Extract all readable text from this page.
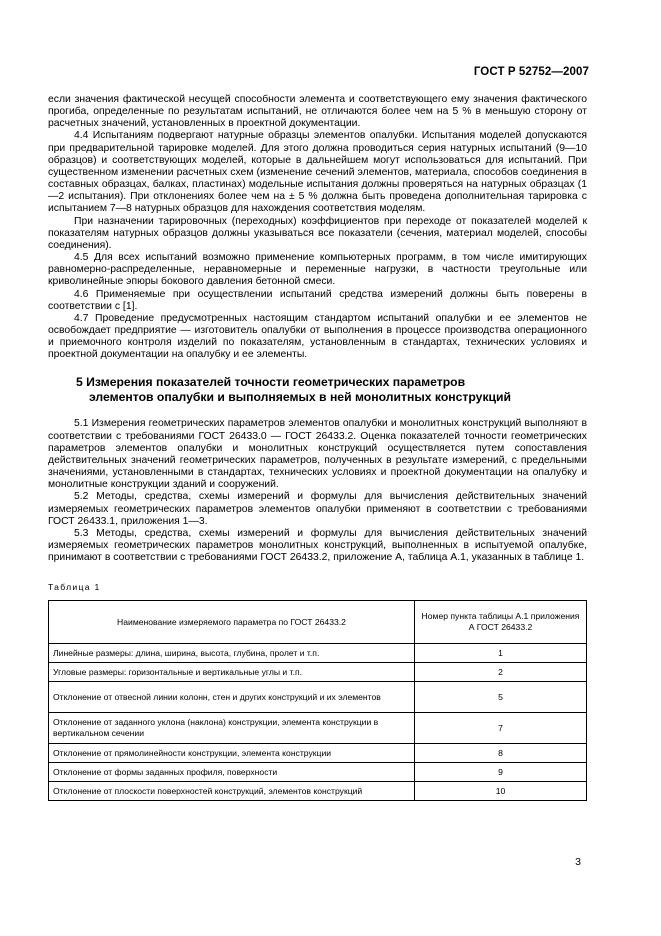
ГОСТ Р 52752—2007

если значения фактической несущей способности элемента и соответствующего ему значения фактического прогиба, определенные по результатам испытаний, не отличаются более чем на 5 % в меньшую сторону от расчетных значений, установленных в проектной документации.

4.4 Испытаниям подвергают натурные образцы элементов опалубки. Испытания моделей допускаются при предварительной тарировке моделей. Для этого должна проводиться серия натурных испытаний (9—10 образцов) и соответствующих моделей, которые в дальнейшем могут использоваться для испытаний. При существенном изменении расчетных схем (изменение сечений элементов, материала, способов соединения в составных образцах, балках, пластинах) модельные испытания должны проверяться на натурных образцах (1—2 испытания). При отклонениях более чем на ± 5 % должна быть проведена дополнительная тарировка с испытанием 7—8 натурных образцов для нахождения соответствия моделям.

При назначении тарировочных (переходных) коэффициентов при переходе от показателей моделей к показателям натурных образцов должны указываться все показатели (сечения, материал моделей, способы соединения).

4.5 Для всех испытаний возможно применение компьютерных программ, в том числе имитирующих равномерно-распределенные, неравномерные и переменные нагрузки, в частности треугольные или криволинейные эпюры бокового давления бетонной смеси.

4.6 Применяемые при осуществлении испытаний средства измерений должны быть поверены в соответствии с [1].

4.7 Проведение предусмотренных настоящим стандартом испытаний опалубки и ее элементов не освобождает предприятие — изготовитель опалубки от выполнения в процессе производства операционного и приемочного контроля изделий по показателям, установленным в стандартах, технических условиях и проектной документации на опалубку и ее элементы.

5 Измерения показателей точности геометрических параметров
элементов опалубки и выполняемых в ней монолитных конструкций

5.1 Измерения геометрических параметров элементов опалубки и монолитных конструкций выполняют в соответствии с требованиями ГОСТ 26433.0 — ГОСТ 26433.2. Оценка показателей точности геометрических параметров элементов опалубки и монолитных конструкций осуществляется путем сопоставления действительных значений геометрических параметров, полученных в результате измерений, с предельными значениями, установленными в стандартах, технических условиях и проектной документации на опалубку и монолитные конструкции зданий и сооружений.

5.2 Методы, средства, схемы измерений и формулы для вычисления действительных значений измеряемых геометрических параметров элементов опалубки применяют в соответствии с требованиями ГОСТ 26433.1, приложения 1—3.

5.3 Методы, средства, схемы измерений и формулы для вычисления действительных значений измеряемых геометрических параметров монолитных конструкций, выполненных в испытуемой опалубке, принимают в соответствии с требованиями ГОСТ 26433.2, приложение А, таблица А.1, указанных в таблице 1.

Таблица 1
Наименование измеряемого параметра по ГОСТ 26433.2	Номер пункта таблицы А.1 приложения А ГОСТ 26433.2
Линейные размеры: длина, ширина, высота, глубина, пролет и т.п.	1
Угловые размеры: горизонтальные и вертикальные углы и т.п.	2
Отклонение от отвесной линии колонн, стен и других конструкций и их элементов	5
Отклонение от заданного уклона (наклона) конструкции, элемента конструкции в вертикальном сечении	7
Отклонение от прямолинейности конструкции, элемента конструкции	8
Отклонение от формы заданных профиля, поверхности	9
Отклонение от плоскости поверхностей конструкций, элементов конструкций	10
3
